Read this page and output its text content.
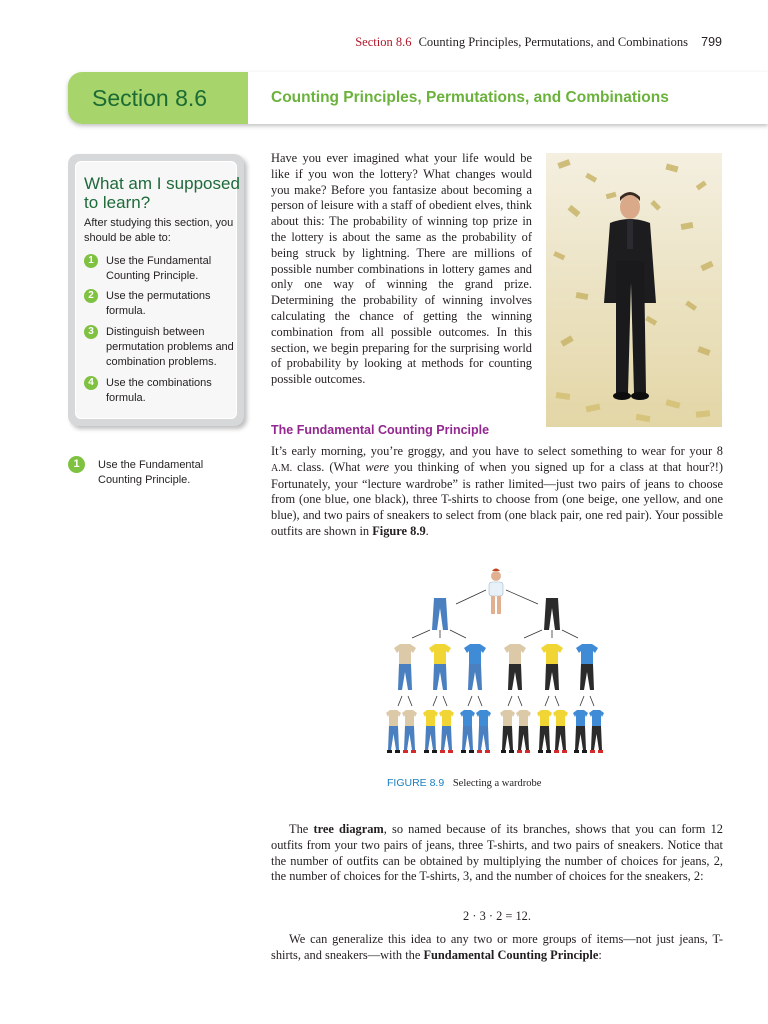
Section 8.6 Counting Principles, Permutations, and Combinations 799
Section 8.6	Counting Principles, Permutations, and Combinations
What am I supposed to learn?
After studying this section, you should be able to:
1	Use the Fundamental Counting Principle.
2	Use the permutations formula.
3	Distinguish between permutation problems and combination problems.
4	Use the combinations formula.
1	Use the Fundamental Counting Principle.

Have you ever imagined what your life would be like if you won the lottery? What changes would you make? Before you fantasize about becoming a person of leisure with a staff of obedient elves, think about this: The probability of winning top prize in the lottery is about the same as the probability of being struck by lightning. There are millions of possible number combinations in lottery games and only one way of winning the grand prize. Determining the probability of winning involves calculating the chance of getting the winning combination from all possible outcomes. In this section, we begin preparing for the surprising world of probability by looking at methods for counting possible outcomes.

The Fundamental Counting Principle

It’s early morning, you’re groggy, and you have to select something to wear for your 8 A.M. class. (What were you thinking of when you signed up for a class at that hour?!) Fortunately, your “lecture wardrobe” is rather limited—just two pairs of jeans to choose from (one blue, one black), three T-shirts to choose from (one beige, one yellow, and one blue), and two pairs of sneakers to select from (one black pair, one red pair). Your possible outfits are shown in Figure 8.9.

FIGURE 8.9 Selecting a wardrobe

The tree diagram, so named because of its branches, shows that you can form 12 outfits from your two pairs of jeans, three T-shirts, and two pairs of sneakers. Notice that the number of outfits can be obtained by multiplying the number of choices for jeans, 2, the number of choices for the T-shirts, 3, and the number of choices for the sneakers, 2:

2 · 3 · 2 = 12.

We can generalize this idea to any two or more groups of items—not just jeans, T-shirts, and sneakers—with the Fundamental Counting Principle:
